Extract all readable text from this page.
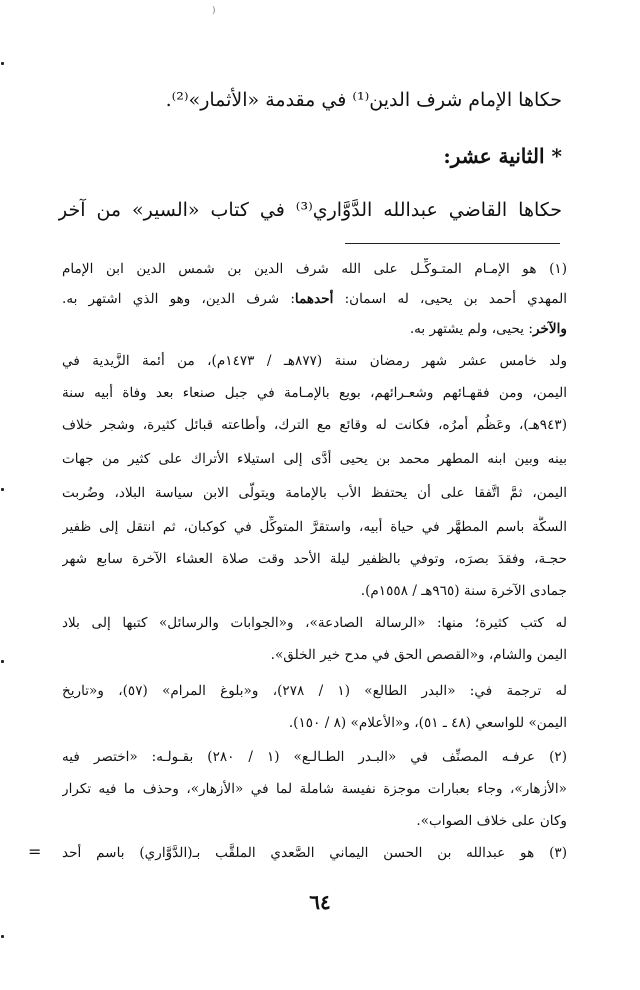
)
حكاها الإمام شرف الدين⁽¹⁾ في مقدمة «الأثمار»⁽²⁾.
* الثانية عشر:
حكاها القاضي عبدالله الدَّوَّاري⁽³⁾ في كتاب «السير» من آخر
(١) هو الإمـام المتـوكِّـل على الله شرف الدين بن شمس الدين ابن الإمام
المهدي أحمد بن يحيى، له اسمان: أحدهما: شرف الدين، وهو الذي اشتهر به.
والآخر: يحيى، ولم يشتهر به.
ولد خامس عشر شهر رمضان سنة (٨٧٧هـ / ١٤٧٣م)، من أئمة الزَّيدية في
اليمن، ومن فقهـائهم وشعـرائهم، بويع بالإمـامة في جبل صنعاء بعد وفاة أبيه سنة
(٩٤٣هـ)، وعَظُم أمرُه، فكانت له وقائع مع الترك، وأطاعته قبائل كثيرة، وشجر خلاف
بينه وبين ابنه المطهر محمد بن يحيى أدَّى إلى استيلاء الأتراك على كثير من جهات
اليمن، ثمَّ اتَّفقا على أن يحتفظ الأب بالإمامة ويتولَّى الابن سياسة البلاد، وضُربت
السكَّة باسم المطهَّر في حياة أبيه، واستقرَّ المتوكِّل في كوكبان، ثم انتقل إلى ظفير
حجـة، وفقدَ بصرَه، وتوفي بالظفير ليلة الأحد وقت صلاة العشاء الآخرة سابع شهر
جمادى الآخرة سنة (٩٦٥هـ / ١٥٥٨م).
له كتب كثيرة؛ منها: «الرسالة الصادعة»، و«الجوابات والرسائل» كتبها إلى بلاد
اليمن والشام، و«القصص الحق في مدح خير الخلق».
له ترجمة في: «البدر الطالع» (١ / ٢٧٨)، و«بلوغ المرام» (٥٧)، و«تاريخ
اليمن» للواسعي (٤٨ ـ ٥١)، و«الأعلام» (٨ / ١٥٠).
(٢) عرفـه المصنِّف في «البـدر الطـالـع» (١ / ٢٨٠) بقـولـه: «اختصر فيه
«الأزهار»، وجاء بعبارات موجزة نفيسة شاملة لما في «الأزهار»، وحذف ما فيه تكرار
وكان على خلاف الصواب».
(٣) هو عبدالله بن الحسن اليماني الصَّعدي الملقَّب بـ(الدَّوَّاري) باسم أحد
=
٦٤
